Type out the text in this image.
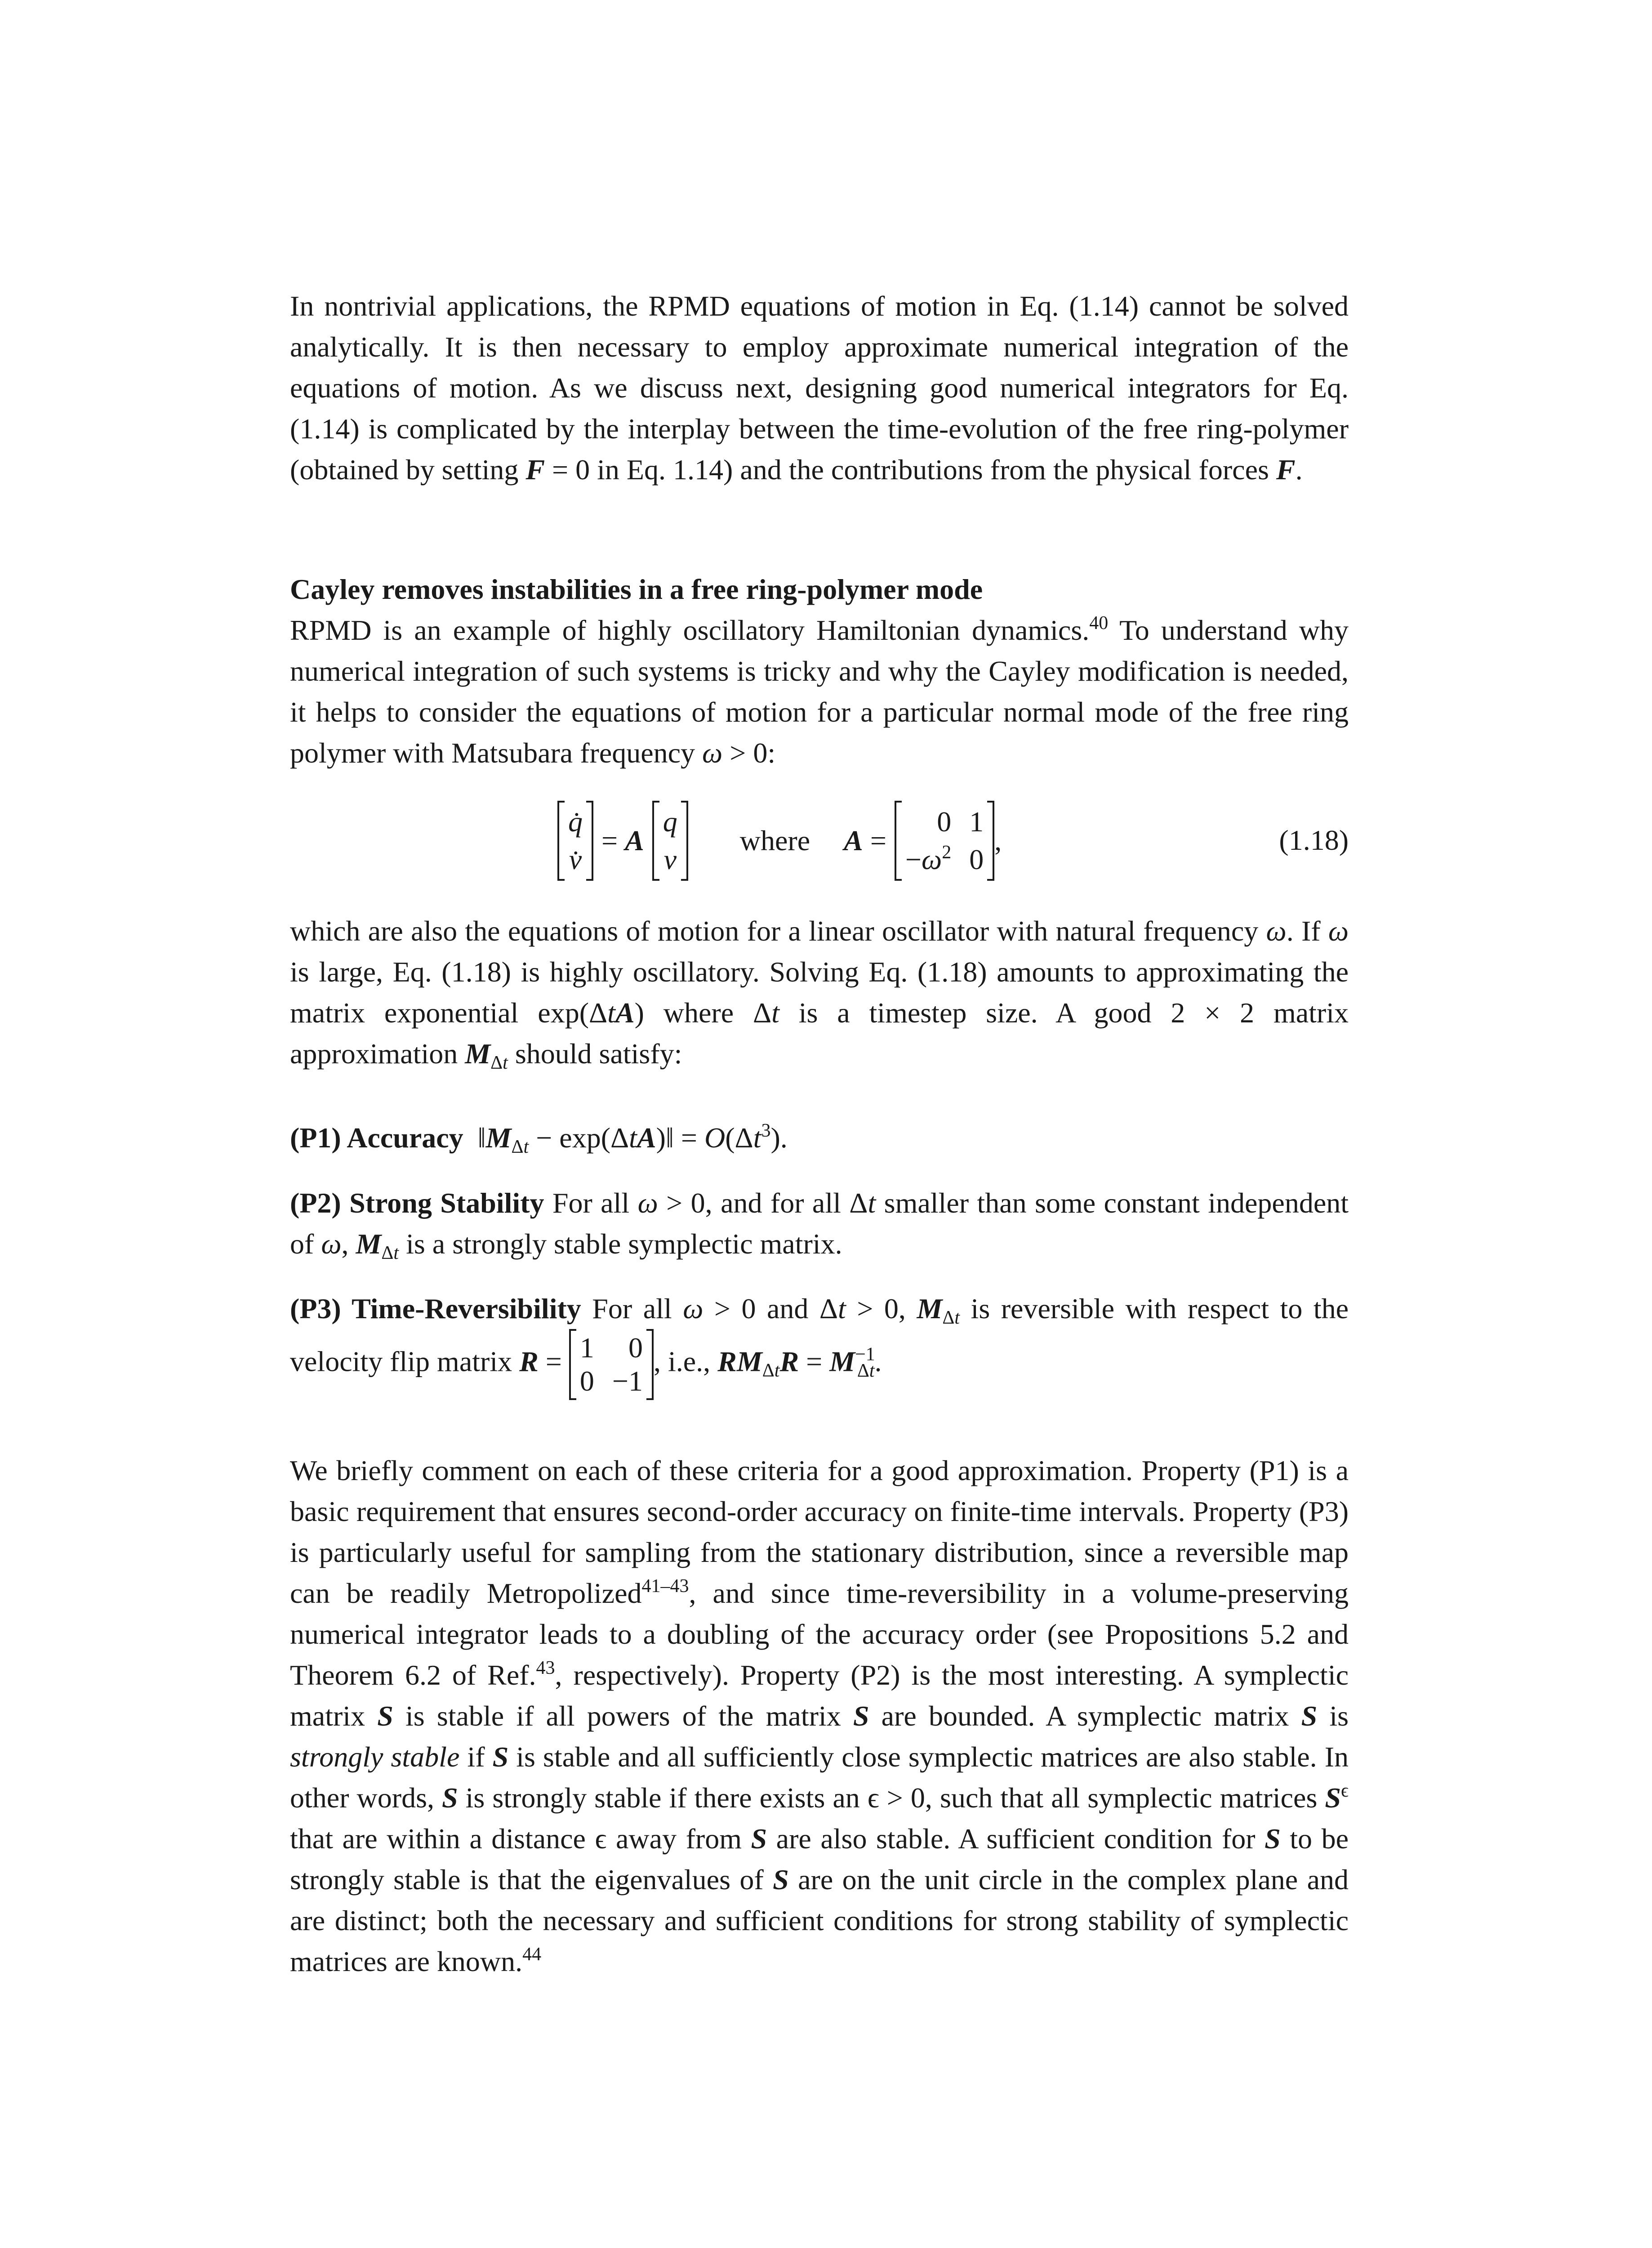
In nontrivial applications, the RPMD equations of motion in Eq. (1.14) cannot be solved analytically. It is then necessary to employ approximate numerical integration of the equations of motion. As we discuss next, designing good numerical integrators for Eq. (1.14) is complicated by the interplay between the time-evolution of the free ring-polymer (obtained by setting F = 0 in Eq. 1.14) and the contributions from the physical forces F.

Cayley removes instabilities in a free ring-polymer mode

RPMD is an example of highly oscillatory Hamiltonian dynamics.$^{40}$ To understand why numerical integration of such systems is tricky and why the Cayley modification is needed, it helps to consider the equations of motion for a particular normal mode of the free ring polymer with Matsubara frequency ω > 0:

q̇
v̇
= A
q
v
where A =
0 1
$-\omega^2$ 0
,	(1.18)

which are also the equations of motion for a linear oscillator with natural frequency ω. If ω is large, Eq. (1.18) is highly oscillatory. Solving Eq. (1.18) amounts to approximating the matrix exponential exp(ΔtA) where Δt is a timestep size. A good 2 × 2 matrix approximation $M_{\Delta t}$ should satisfy:

(P1) Accuracy  $‖M_{\Delta t}$ − exp(ΔtA)‖ = $O(\Delta t^3)$.

(P2) Strong Stability For all ω > 0, and for all Δt smaller than some constant independent of ω, $M_{\Delta t}$ is a strongly stable symplectic matrix.

(P3) Time-Reversibility For all ω > 0 and Δt > 0, $M_{\Delta t}$ is reversible with respect to the velocity flip matrix R = 1	0
0 −1
, i.e., $RM_{\Delta t}R = M^{-1}_{\Delta t}$.

We briefly comment on each of these criteria for a good approximation. Property (P1) is a basic requirement that ensures second-order accuracy on finite-time intervals. Property (P3) is particularly useful for sampling from the stationary distribution, since a reversible map can be readily Metropolized$^{41-43}$, and since time-reversibility in a volume-preserving numerical integrator leads to a doubling of the accuracy order (see Propositions 5.2 and Theorem 6.2 of Ref.$^{43}$, respectively). Property (P2) is the most interesting. A symplectic matrix S is stable if all powers of the matrix S are bounded. A symplectic matrix S is strongly stable if S is stable and all sufficiently close symplectic matrices are also stable. In other words, S is strongly stable if there exists an ϵ > 0, such that all symplectic matrices $S^\epsilon$ that are within a distance ϵ away from S are also stable. A sufficient condition for S to be strongly stable is that the eigenvalues of S are on the unit circle in the complex plane and are distinct; both the necessary and sufficient conditions for strong stability of symplectic matrices are known.$^{44}$
